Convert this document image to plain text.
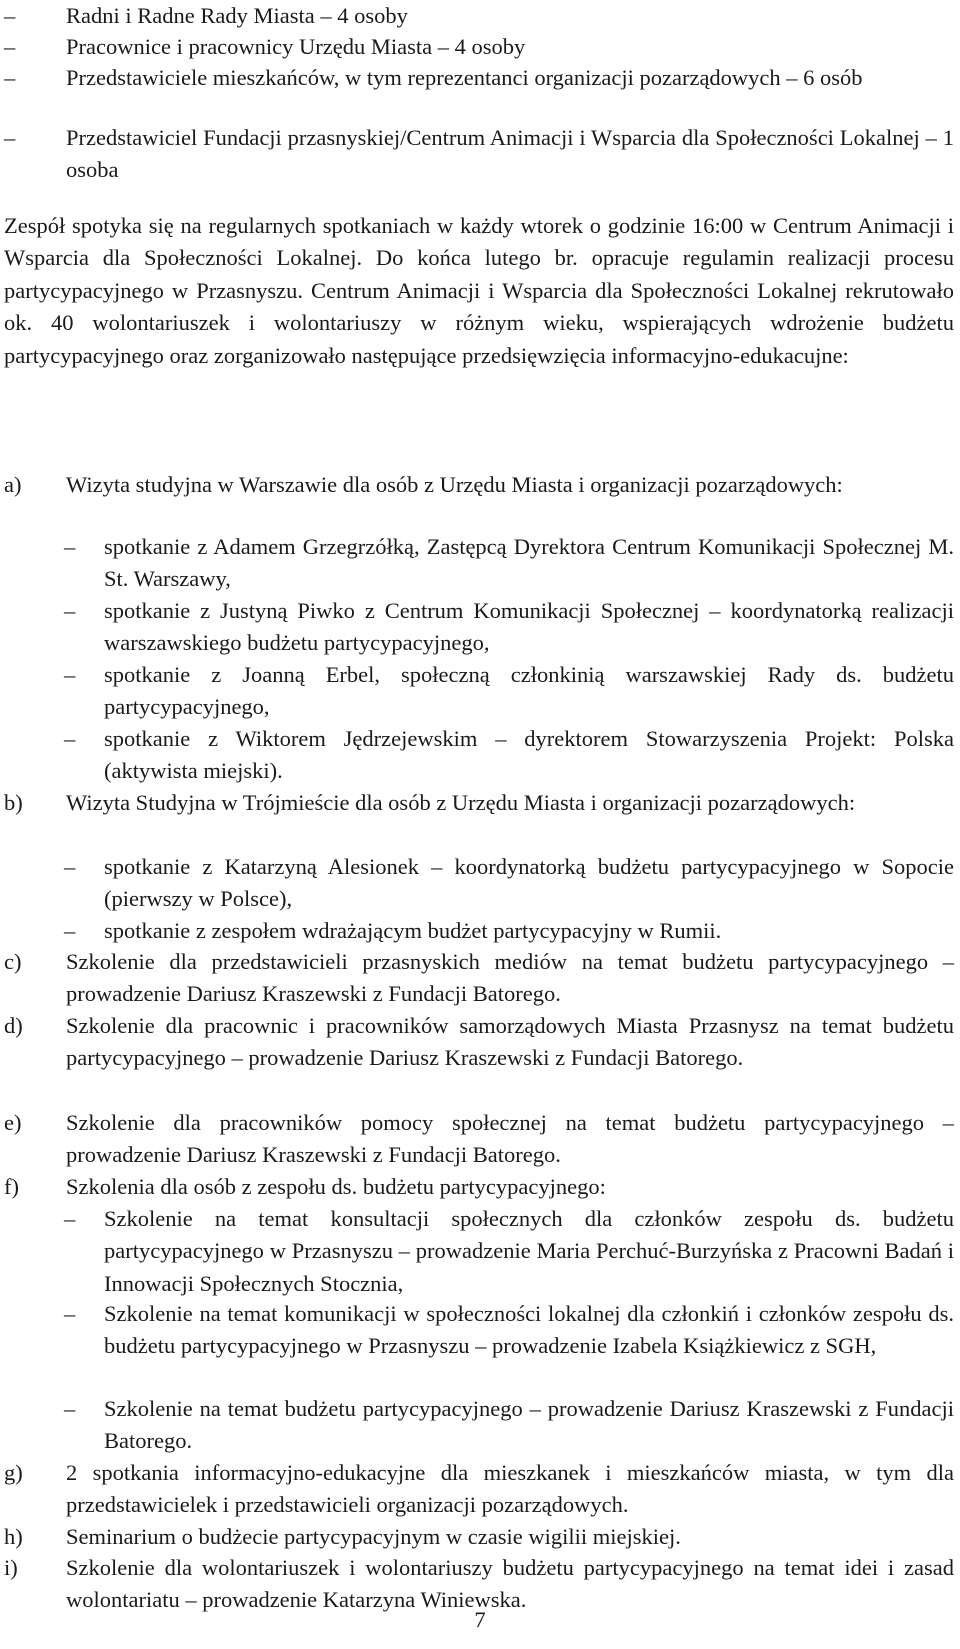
–	Radni i Radne Rady Miasta – 4 osoby
–	Pracownice i pracownicy Urzędu Miasta – 4 osoby
–	Przedstawiciele mieszkańców, w tym reprezentanci organizacji pozarządowych – 6 osób
–	Przedstawiciel Fundacji przasnyskiej/Centrum Animacji i Wsparcia dla Społeczności Lokalnej – 1 osoba
Zespół spotyka się na regularnych spotkaniach w każdy wtorek o godzinie 16:00 w Centrum Animacji i Wsparcia dla Społeczności Lokalnej. Do końca lutego br. opracuje regulamin realizacji procesu partycypacyjnego w Przasnyszu. Centrum Animacji i Wsparcia dla Społeczności Lokalnej rekrutowało ok. 40 wolontariuszek i wolontariuszy w różnym wieku, wspierających wdrożenie budżetu partycypacyjnego oraz zorganizowało następujące przedsięwzięcia informacyjno-edukacujne:
a)	Wizyta studyjna w Warszawie dla osób z Urzędu Miasta i organizacji pozarządowych:
–	spotkanie z Adamem Grzegrzółką, Zastępcą Dyrektora Centrum Komunikacji Społecznej M. St. Warszawy,
–	spotkanie z Justyną Piwko z Centrum Komunikacji Społecznej – koordynatorką realizacji warszawskiego budżetu partycypacyjnego,
–	spotkanie z Joanną Erbel, społeczną członkinią warszawskiej Rady ds. budżetu partycypacyjnego,
–	spotkanie z Wiktorem Jędrzejewskim – dyrektorem Stowarzyszenia Projekt: Polska (aktywista miejski).
b)	Wizyta Studyjna w Trójmieście dla osób z Urzędu Miasta i organizacji pozarządowych:
–	spotkanie z Katarzyną Alesionek – koordynatorką budżetu partycypacyjnego w Sopocie (pierwszy w Polsce),
–	spotkanie z zespołem wdrażającym budżet partycypacyjny w Rumii.
c)	Szkolenie dla przedstawicieli przasnyskich mediów na temat budżetu partycypacyjnego – prowadzenie Dariusz Kraszewski z Fundacji Batorego.
d)	Szkolenie dla pracownic i pracowników samorządowych Miasta Przasnysz na temat budżetu partycypacyjnego – prowadzenie Dariusz Kraszewski z Fundacji Batorego.
e)	Szkolenie dla pracowników pomocy społecznej na temat budżetu partycypacyjnego – prowadzenie Dariusz Kraszewski z Fundacji Batorego.
f)	Szkolenia dla osób z zespołu ds. budżetu partycypacyjnego:
–	Szkolenie na temat konsultacji społecznych dla członków zespołu ds. budżetu partycypacyjnego w Przasnyszu – prowadzenie Maria Perchuć-Burzyńska z Pracowni Badań i Innowacji Społecznych Stocznia,
–	Szkolenie na temat komunikacji w społeczności lokalnej dla członkiń i członków zespołu ds. budżetu partycypacyjnego w Przasnyszu – prowadzenie Izabela Książkiewicz z SGH,
–	Szkolenie na temat budżetu partycypacyjnego – prowadzenie Dariusz Kraszewski z Fundacji Batorego.
g)	2 spotkania informacyjno-edukacyjne dla mieszkanek i mieszkańców miasta, w tym dla przedstawicielek i przedstawicieli organizacji pozarządowych.
h)	Seminarium o budżecie partycypacyjnym w czasie wigilii miejskiej.
i)	Szkolenie dla wolontariuszek i wolontariuszy budżetu partycypacyjnego na temat idei i zasad wolontariatu – prowadzenie Katarzyna Winiewska.
7
